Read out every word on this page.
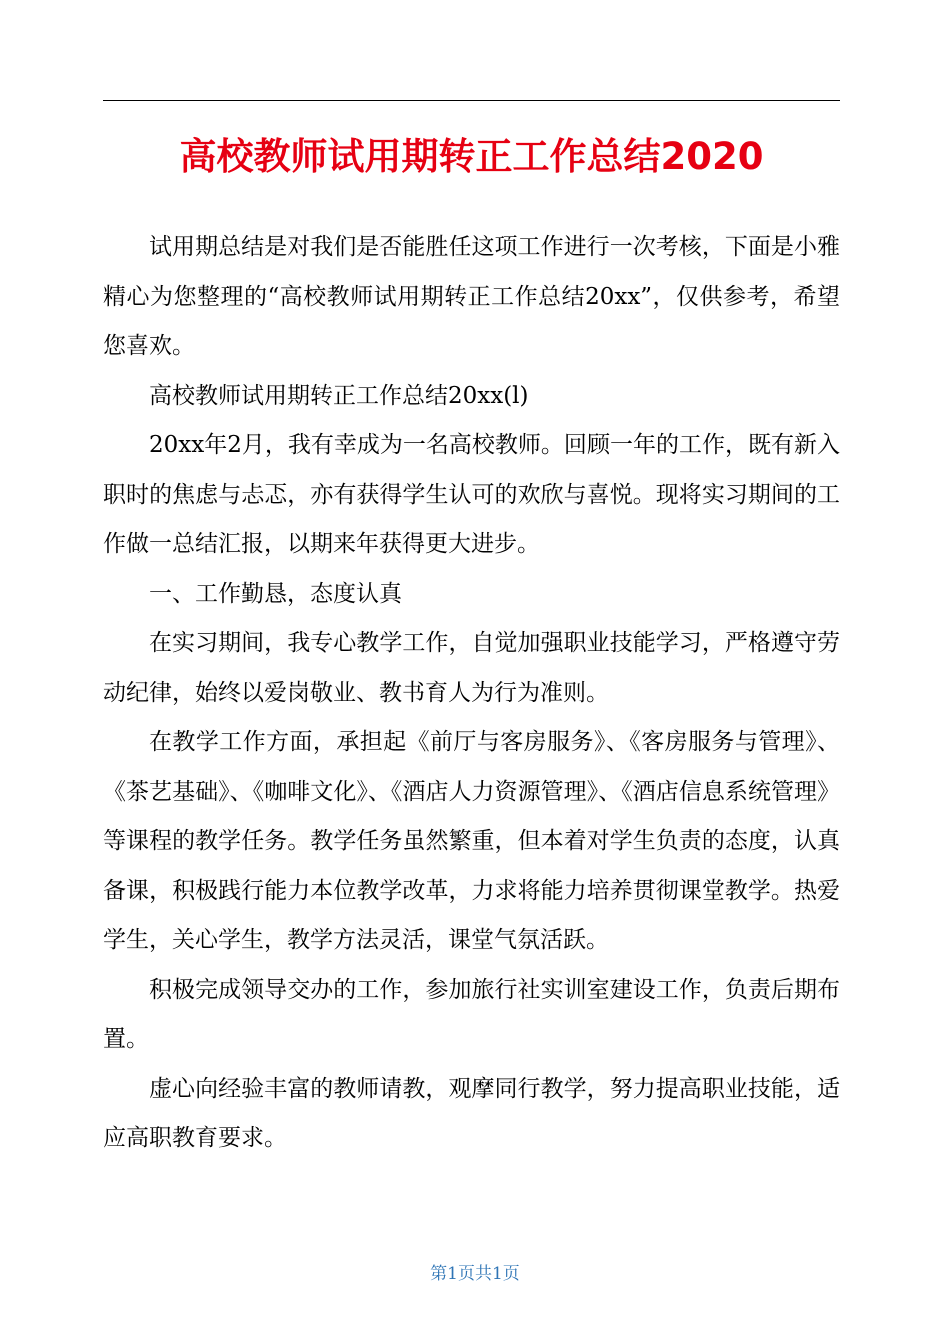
高校教师试用期转正工作总结2020

试用期总结是对我们是否能胜任这项工作进行一次考核，下面是小雅精心为您整理的“高校教师试用期转正工作总结20xx”，仅供参考，希望您喜欢。

高校教师试用期转正工作总结20xx(l)

20xx年2月，我有幸成为一名高校教师。回顾一年的工作，既有新入职时的焦虑与忐忑，亦有获得学生认可的欢欣与喜悦。现将实习期间的工作做一总结汇报，以期来年获得更大进步。

一、工作勤恳，态度认真

在实习期间，我专心教学工作，自觉加强职业技能学习，严格遵守劳动纪律，始终以爱岗敬业、教书育人为行为准则。

在教学工作方面，承担起《前厅与客房服务》、《客房服务与管理》、《茶艺基础》、《咖啡文化》、《酒店人力资源管理》、《酒店信息系统管理》等课程的教学任务。教学任务虽然繁重，但本着对学生负责的态度，认真备课，积极践行能力本位教学改革，力求将能力培养贯彻课堂教学。热爱学生，关心学生，教学方法灵活，课堂气氛活跃。

积极完成领导交办的工作，参加旅行社实训室建设工作，负责后期布置。

虚心向经验丰富的教师请教，观摩同行教学，努力提高职业技能，适应高职教育要求。

第1页共1页
